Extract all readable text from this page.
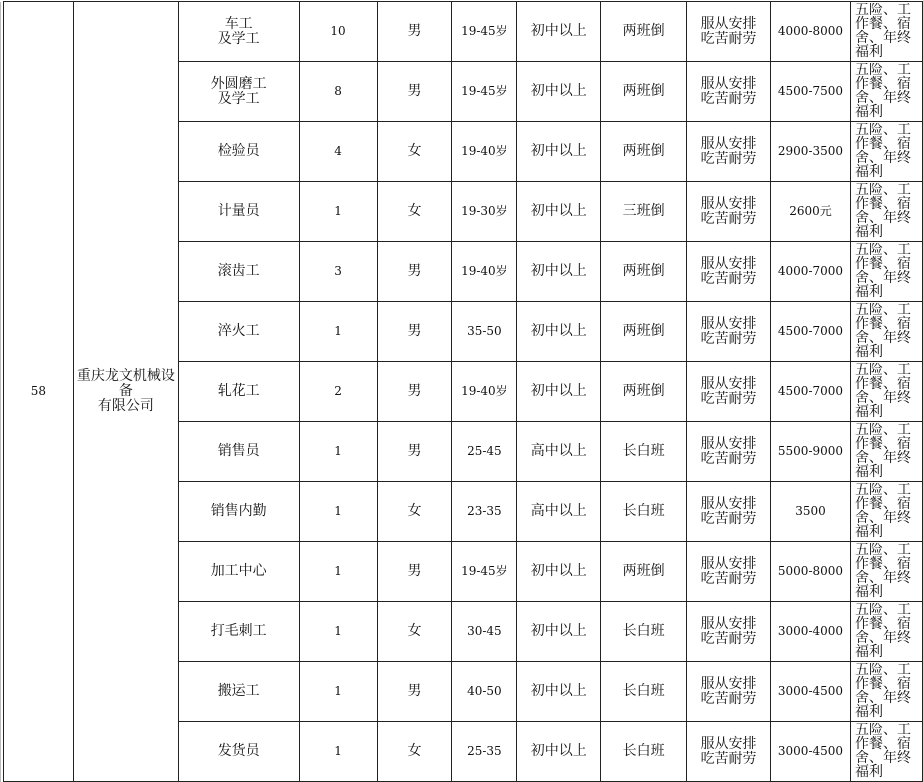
	58	重庆龙文机械设
备
有限公司	车工
及学工	10	男	19-45岁	初中以上	两班倒	服从安排
吃苦耐劳	4000-8000	五险、工
作餐、宿
舍、年终
福利

			外圆磨工
及学工	8	男	19-45岁	初中以上	两班倒	服从安排
吃苦耐劳	4500-7500	五险、工
作餐、宿
舍、年终
福利

			检验员	4	女	19-40岁	初中以上	两班倒	服从安排
吃苦耐劳	2900-3500	五险、工
作餐、宿
舍、年终
福利

			计量员	1	女	19-30岁	初中以上	三班倒	服从安排
吃苦耐劳	2600元	五险、工
作餐、宿
舍、年终
福利

			滚齿工	3	男	19-40岁	初中以上	两班倒	服从安排
吃苦耐劳	4000-7000	五险、工
作餐、宿
舍、年终
福利

			淬火工	1	男	35-50	初中以上	两班倒	服从安排
吃苦耐劳	4500-7000	五险、工
作餐、宿
舍、年终
福利

			轧花工	2	男	19-40岁	初中以上	两班倒	服从安排
吃苦耐劳	4500-7000	五险、工
作餐、宿
舍、年终
福利

			销售员	1	男	25-45	高中以上	长白班	服从安排
吃苦耐劳	5500-9000	五险、工
作餐、宿
舍、年终
福利

			销售内勤	1	女	23-35	高中以上	长白班	服从安排
吃苦耐劳	3500	五险、工
作餐、宿
舍、年终
福利

			加工中心	1	男	19-45岁	初中以上	两班倒	服从安排
吃苦耐劳	5000-8000	五险、工
作餐、宿
舍、年终
福利

			打毛刺工	1	女	30-45	初中以上	长白班	服从安排
吃苦耐劳	3000-4000	五险、工
作餐、宿
舍、年终
福利

			搬运工	1	男	40-50	初中以上	长白班	服从安排
吃苦耐劳	3000-4500	五险、工
作餐、宿
舍、年终
福利

			发货员	1	女	25-35	初中以上	长白班	服从安排
吃苦耐劳	3000-4500	五险、工
作餐、宿
舍、年终
福利
